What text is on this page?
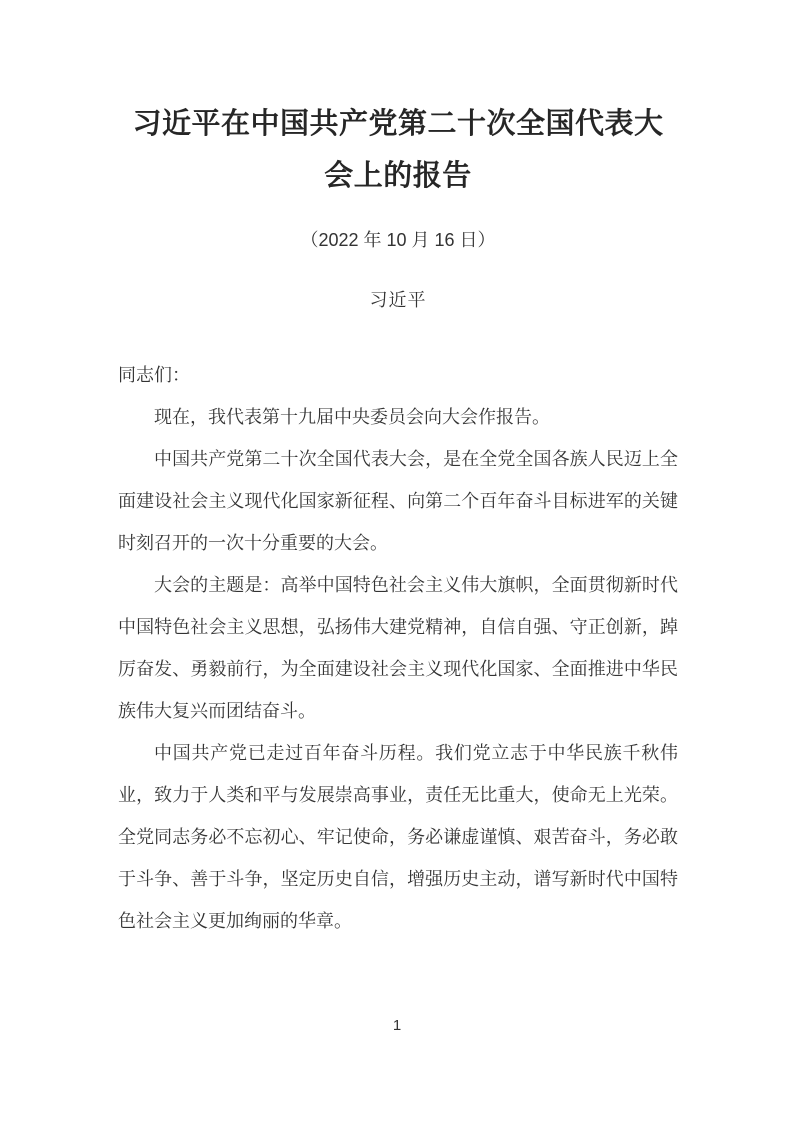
习近平在中国共产党第二十次全国代表大
会上的报告
（2022 年 10 月 16 日）
习近平

同志们：

现在，我代表第十九届中央委员会向大会作报告。

中国共产党第二十次全国代表大会，是在全党全国各族人民迈上全面建设社会主义现代化国家新征程、向第二个百年奋斗目标进军的关键时刻召开的一次十分重要的大会。

大会的主题是：高举中国特色社会主义伟大旗帜，全面贯彻新时代中国特色社会主义思想，弘扬伟大建党精神，自信自强、守正创新，踔厉奋发、勇毅前行，为全面建设社会主义现代化国家、全面推进中华民族伟大复兴而团结奋斗。

中国共产党已走过百年奋斗历程。我们党立志于中华民族千秋伟业，致力于人类和平与发展崇高事业，责任无比重大，使命无上光荣。全党同志务必不忘初心、牢记使命，务必谦虚谨慎、艰苦奋斗，务必敢于斗争、善于斗争，坚定历史自信，增强历史主动，谱写新时代中国特色社会主义更加绚丽的华章。

1
